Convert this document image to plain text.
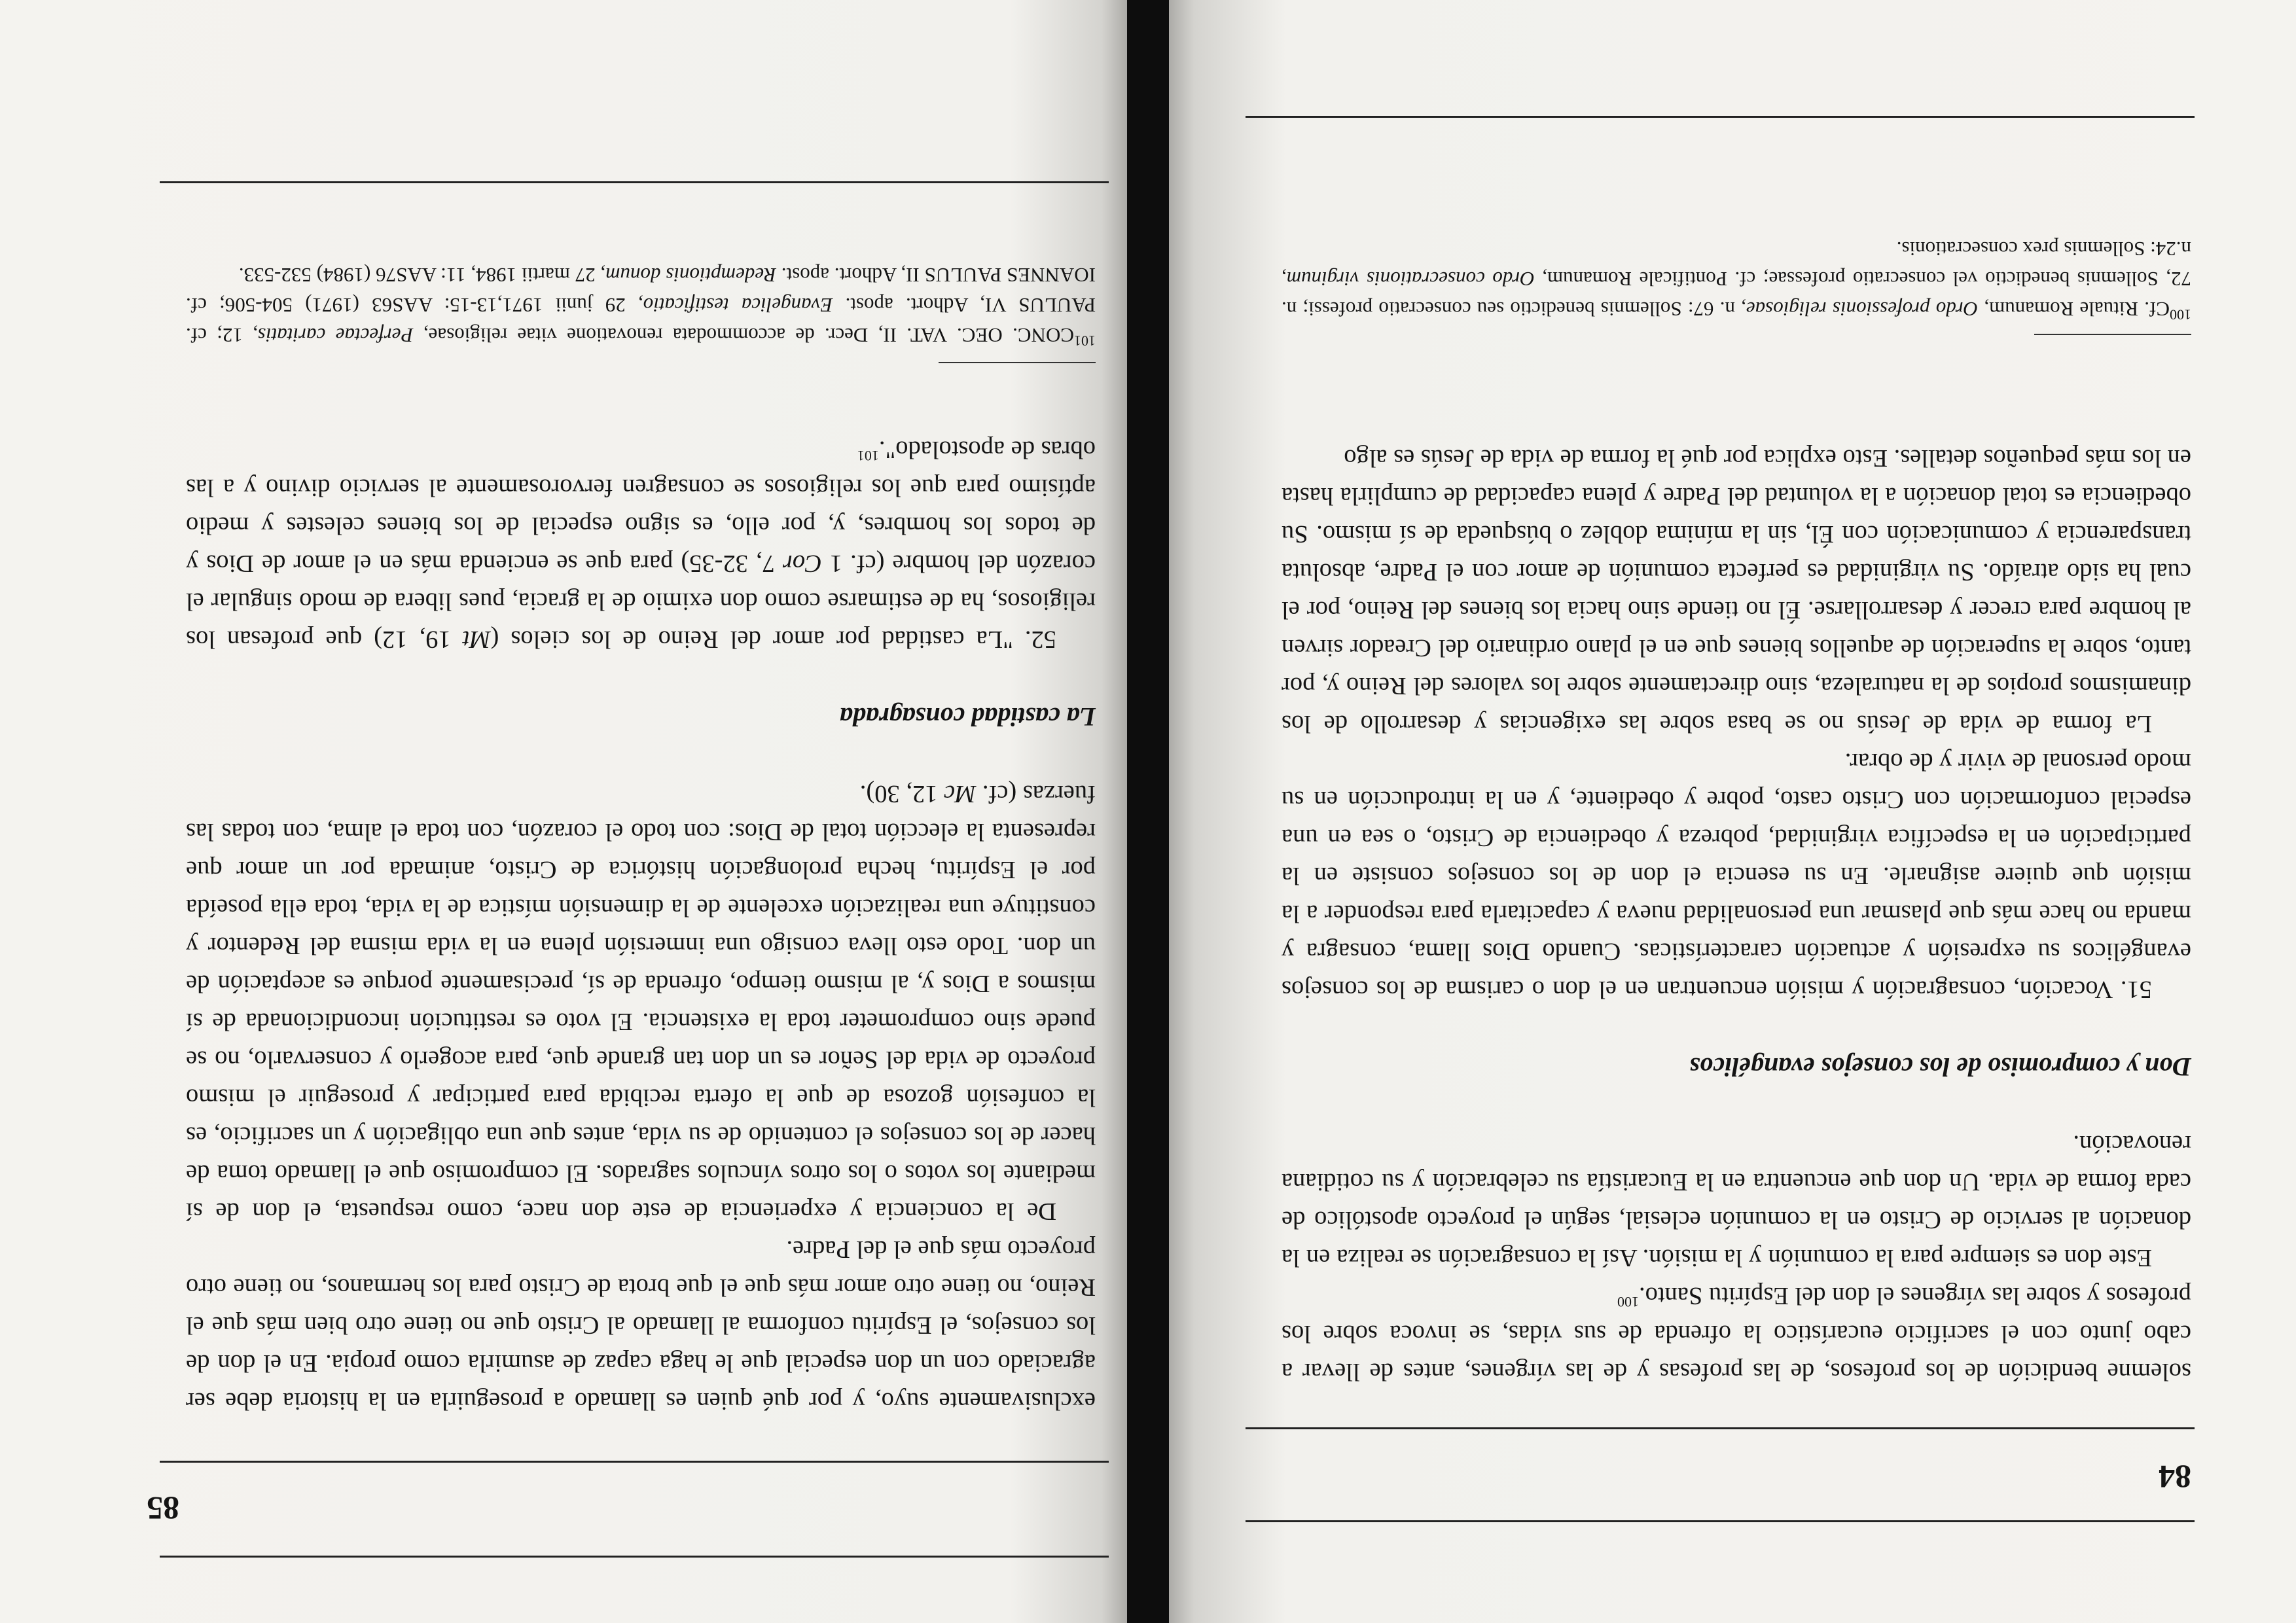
84

solemne bendición de los profesos, de las profesas y de las vírgenes, antes de llevar a cabo junto con el sacrificio eucarístico la ofrenda de sus vidas, se invoca sobre los profesos y sobre las vírgenes el don del Espíritu Santo.$^{100}$

Este don es siempre para la comunión y la misión. Así la consagración se realiza en la donación al servicio de Cristo en la comunión eclesial, según el proyecto apostólico de cada forma de vida. Un don que encuentra en la Eucaristía su celebración y su cotidiana renovación.

Don y compromiso de los consejos evangélicos

51. Vocación, consagración y misión encuentran en el don o carisma de los consejos evangélicos su expresión y actuación características. Cuando Dios llama, consagra y manda no hace más que plasmar una personalidad nueva y capacitarla para responder a la misión que quiere asignarle. En su esencia el don de los consejos consiste en la participación en la específica virginidad, pobreza y obediencia de Cristo, o sea en una especial conformación con Cristo casto, pobre y obediente, y en la introducción en su modo personal de vivir y de obrar.

La forma de vida de Jesús no se basa sobre las exigencias y desarrollo de los dinamismos propios de la naturaleza, sino directamente sobre los valores del Reino y, por tanto, sobre la superación de aquellos bienes que en el plano ordinario del Creador sirven al hombre para crecer y desarrollarse. Él no tiende sino hacia los bienes del Reino, por el cual ha sido atraído. Su virginidad es perfecta comunión de amor con el Padre, absoluta transparencia y comunicación con Él, sin la mínima doblez o búsqueda de sí mismo. Su obediencia es total donación a la voluntad del Padre y plena capacidad de cumplirla hasta en los más pequeños detalles. Esto explica por qué la forma de vida de Jesús es algo

$^{100}$Cf. Rituale Romanum, Ordo professionis religiosae, n. 67: Sollemnis benedictio seu consecratio professi; n. 72, Sollemnis benedictio vel consecratio professae; cf. Pontificale Romanum, Ordo consecrationis virginum, n.24: Sollemnis prex consecrationis.
85

exclusivamente suyo, y por qué quien es llamado a proseguirla en la historia debe ser agraciado con un don especial que le haga capaz de asumirla como propia. En el don de los consejos, el Espíritu conforma al llamado al Cristo que no tiene otro bien más que el Reino, no tiene otro amor más que el que brota de Cristo para los hermanos, no tiene otro proyecto más que el del Padre.

De la conciencia y experiencia de este don nace, como respuesta, el don de sí mediante los votos o los otros vínculos sagrados. El compromiso que el llamado toma de hacer de los consejos el contenido de su vida, antes que una obligación y un sacrificio, es la confesión gozosa de que la oferta recibida para participar y proseguir el mismo proyecto de vida del Señor es un don tan grande que, para acogerlo y conservarlo, no se puede sino comprometer toda la existencia. El voto es restitución incondicionada de sí mismos a Dios y, al mismo tiempo, ofrenda de sí, precisamente porque es aceptación de un don. Todo esto lleva consigo una inmersión plena en la vida misma del Redentor y constituye una realización excelente de la dimensión mística de la vida, toda ella poseída por el Espíritu, hecha prolongación histórica de Cristo, animada por un amor que representa la elección total de Dios: con todo el corazón, con toda el alma, con todas las fuerzas (cf. Mc 12, 30).

La castidad consagrada

52. "La castidad por amor del Reino de los cielos (Mt 19, 12) que profesan los religiosos, ha de estimarse como don eximio de la gracia, pues libera de modo singular el corazón del hombre (cf. 1 Cor 7, 32-35) para que se encienda más en el amor de Dios y de todos los hombres, y, por ello, es signo especial de los bienes celestes y medio aptísimo para que los religiosos se consagren fervorosamente al servicio divino y a las obras de apostolado".$^{101}$

$^{101}$CONC. OEC. VAT. II, Decr. de accommodata renovatione vitae religiosae, Perfectae caritatis, 12; cf. PAULUS VI, Adhort. apost. Evangelica testificatio, 29 junii 1971,13-15: AAS63 (1971) 504-506; cf. IOANNES PAULUS II, Adhort. apost. Redemptionis donum, 27 martii 1984, 11: AAS76 (1984) 532-533.
